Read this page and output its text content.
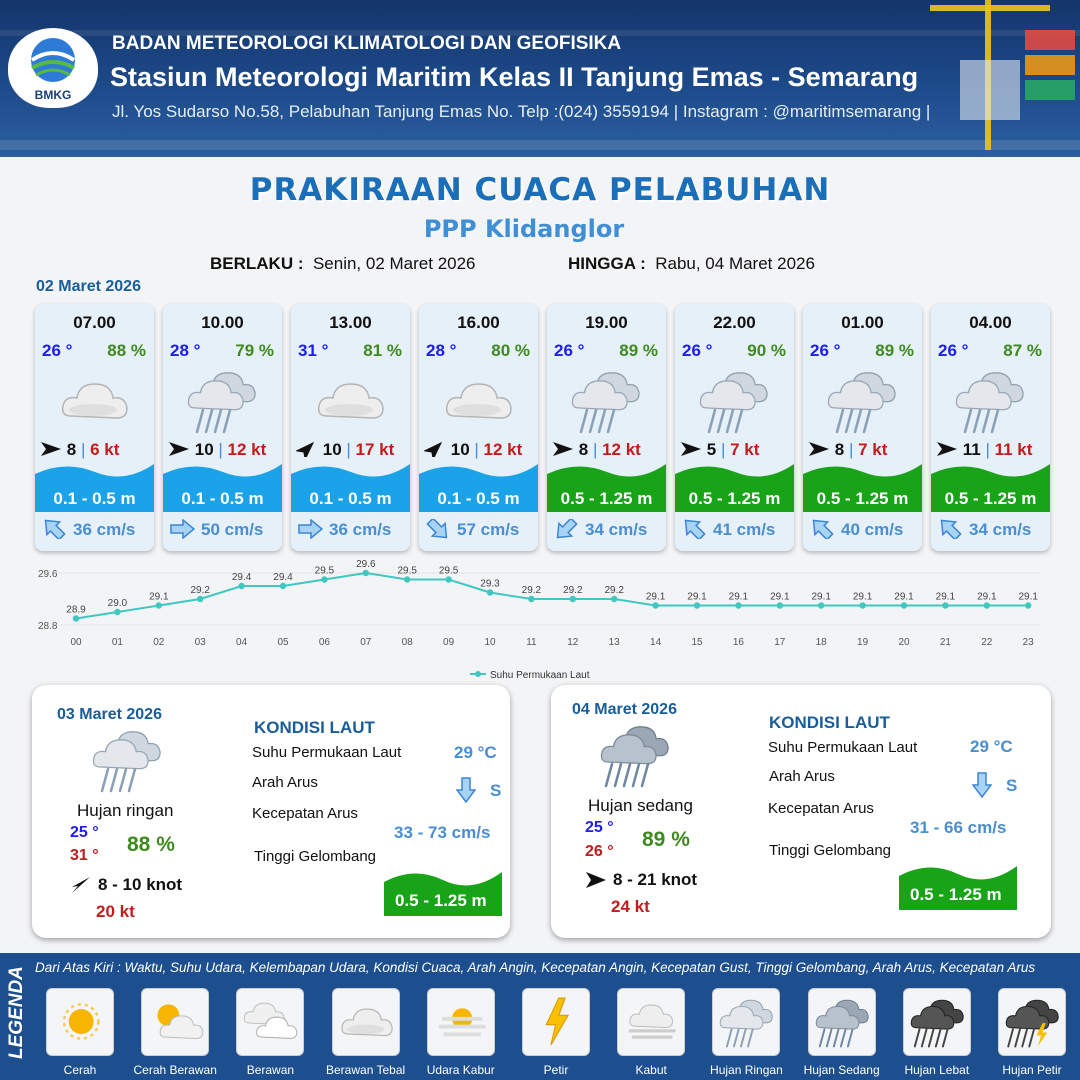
BMKG
BADAN METEOROLOGI KLIMATOLOGI DAN GEOFISIKA
Stasiun Meteorologi Maritim Kelas II Tanjung Emas - Semarang
Jl. Yos Sudarso No.58, Pelabuhan Tanjung Emas No. Telp :(024) 3559194 | Instagram : @maritimsemarang |
PRAKIRAAN CUACA PELABUHAN
PPP Klidanglor
BERLAKU : Senin, 02 Maret 2026	HINGGA : Rabu, 04 Maret 2026
02 Maret 2026
07.00
26 ° 88 %
8 | 6 kt
0.1 - 0.5 m
36 cm/s
10.00
28 ° 79 %
10 | 12 kt
0.1 - 0.5 m
50 cm/s
13.00
31 ° 81 %
10 | 17 kt
0.1 - 0.5 m
36 cm/s
16.00
28 ° 80 %
10 | 12 kt
0.1 - 0.5 m
57 cm/s
19.00
26 ° 89 %
8 | 12 kt
0.5 - 1.25 m
34 cm/s
22.00
26 ° 90 %
5 | 7 kt
0.5 - 1.25 m
41 cm/s
01.00
26 ° 89 %
8 | 7 kt
0.5 - 1.25 m
40 cm/s
04.00
26 ° 87 %
11 | 11 kt
0.5 - 1.25 m
34 cm/s
29.6
28.8
28.9
00
29.0
01
29.1
02
29.2
03
29.4
04
29.4
05
29.5
06
29.6
07
29.5
08
29.5
09
29.3
10
29.2
11
29.2
12
29.2
13
29.1
14
29.1
15
29.1
16
29.1
17
29.1
18
29.1
19
29.1
20
29.1
21
29.1
22
29.1
23
Suhu Permukaan Laut
03 Maret 2026
Hujan ringan
25 °
31 ° 88 %
8 - 10 knot
20 kt
KONDISI LAUT
Suhu Permukaan Laut	29 °C
Arah Arus	S
Kecepatan Arus
33 - 73 cm/s
Tinggi Gelombang
0.5 - 1.25 m
04 Maret 2026
Hujan sedang
25 °
26 °
89 %
8 - 21 knot
24 kt
KONDISI LAUT
Suhu Permukaan Laut	29 °C
Arah Arus	S
Kecepatan Arus
31 - 66 cm/s
Tinggi Gelombang
0.5 - 1.25 m
LEGENDA Dari Atas Kiri : Waktu, Suhu Udara, Kelembapan Udara, Kondisi Cuaca, Arah Angin, Kecepatan Angin, Kecepatan Gust, Tinggi Gelombang, Arah Arus, Kecepatan Arus
Cerah	Cerah Berawan	Berawan	Berawan Tebal	Udara Kabur	Petir	Kabut	Hujan Ringan	Hujan Sedang	Hujan Lebat	Hujan Petir
